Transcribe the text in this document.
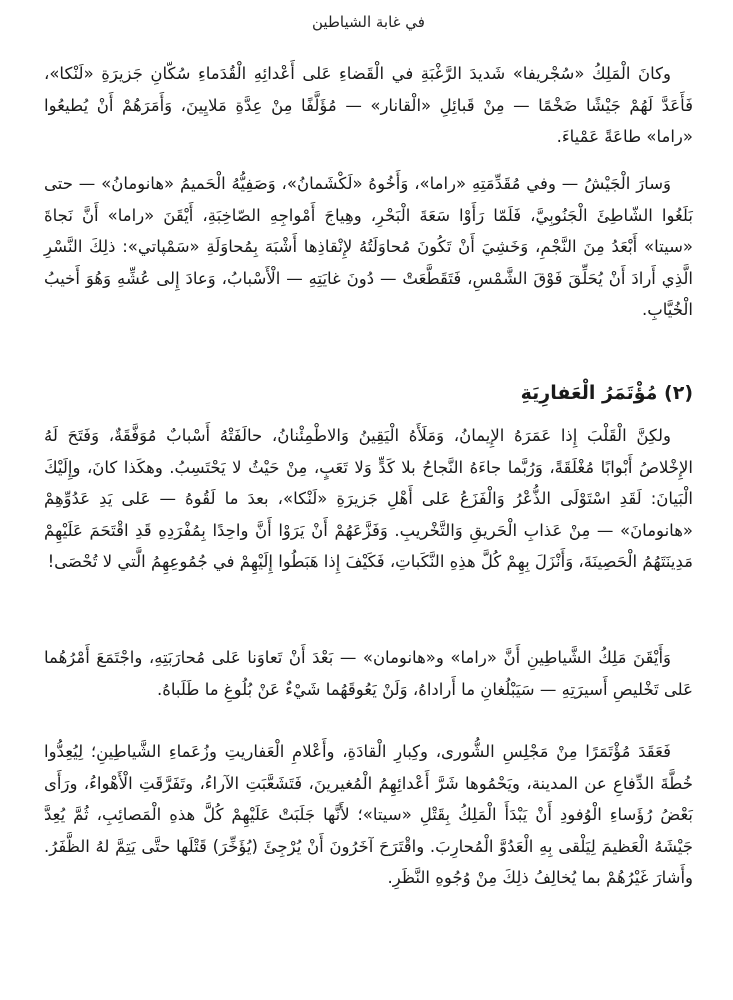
في غابة الشياطين

وكانَ الْمَلِكُ «سُجْريفا» شَديدَ الرَّغْبَةِ في الْقَضاءِ عَلى أَعْدائِهِ الْقُدَماءِ سُكّانِ جَزيرَةِ «لَنْكا»، فَأَعَدَّ لَهُمْ جَيْشًا ضَخْمًا — مِنْ قَبائِلِ «الْقانار» — مُؤَلَّفًا مِنْ عِدَّةِ مَلايِينَ، وَأَمَرَهُمْ أَنْ يُطيعُوا «راما» طاعَةً عَمْياءَ.

وَسارَ الْجَيْشُ — وفي مُقَدِّمَتِهِ «راما»، وَأَخُوهُ «لَكْشَمانُ»، وَصَفِيُّهُ الْحَميمُ «هانومانُ» — حتى بَلَغُوا الشّاطِئَ الْجَنُوبِيَّ، فَلَمّا رَأَوْا سَعَةَ الْبَحْرِ، وهِياجَ أَمْواجِهِ الصّاخِبَةِ، أَيْقَنَ «راما» أَنَّ نَجاةَ «سيتا» أَبْعَدُ مِنَ النَّجْمِ، وَخَشِيَ أَنْ تَكُونَ مُحاوَلَتُهُ لإِنْقاذِها أَشْبَهَ بِمُحاوَلَةِ «سَمْپاتي»: ذلِكَ النَّسْرِ الَّذِي أَرادَ أَنْ يُحَلِّقَ فَوْقَ الشَّمْسِ، فَتَقَطَّعَتْ — دُونَ غايَتِهِ — الْأَسْبابُ، وَعادَ إِلى عُشِّهِ وَهُوَ أَخيبُ الْخُيَّابِ.

(٢) مُؤْتَمَرُ الْعَفارِيَةِ

ولكِنَّ الْقَلْبَ إِذا عَمَرَهُ الإِيمانُ، وَمَلَأَهُ الْيَقِينُ وَالاطْمِئْنانُ، حالَفَتْهُ أَسْبابٌ مُوَفَّقَةٌ، وَفَتَحَ لَهُ الإِخْلاصُ أَبْوابًا مُغْلَقَةً، وَرُبَّما جاءَهُ النَّجاحُ بلا كَدٍّ وَلا تَعَبٍ، مِنْ حَيْثُ لا يَحْتَسِبُ. وهكَذا كانَ، وإِلَيْكَ الْبَيانَ: لَقَدِ اسْتَوْلَى الذُّعْرُ وَالْفَزَعُ عَلى أَهْلِ جَزيرَةِ «لَنْكا»، بعدَ ما لَقُوهُ — عَلى يَدِ عَدُوِّهِمْ «هانومانَ» — مِنْ عَذابِ الْحَريقِ وَالتَّخْريبِ. وَفَزَّعَهُمْ أَنْ يَرَوْا أَنَّ واحِدًا بِمُفْرَدِهِ قَدِ اقْتَحَمَ عَلَيْهِمْ مَدِينَتَهُمُ الْحَصِينَةَ، وَأَنْزَلَ بِهِمْ كُلَّ هذِهِ النَّكَباتِ، فَكَيْفَ إِذا هَبَطُوا إِلَيْهِمْ في جُمُوعِهِمُ الَّتي لا تُحْصَى!

وَأَيْقَنَ مَلِكُ الشَّياطِينِ أَنَّ «راما» و«هانومان» — بَعْدَ أَنْ تَعاوَنا عَلى مُحارَبَتِهِ، واجْتَمَعَ أَمْرُهُما عَلى تَخْليصِ أَسيرَتِهِ — سَيَبْلُغانِ ما أَراداهُ، وَلَنْ يَعُوقَهُما شَيْءٌ عَنْ بُلُوغِ ما طَلَباهُ.

فَعَقَدَ مُؤْتَمَرًا مِنْ مَجْلِسِ الشُّورى، وكِبارِ الْقادَةِ، وأَعْلامِ الْعَفاريتِ وزُعَماءِ الشَّياطِينِ؛ لِيُعِدُّوا خُطَّةَ الدِّفاعِ عن المدينة، ويَحْمُوها شَرَّ أَعْدائِهِمُ الْمُغيرينَ، فَتَشَعَّبَتِ الآراءُ، وتَفَرَّقَتِ الْأَهْواءُ، ورَأَى بَعْضُ رُؤَساءِ الْوُفودِ أَنْ يَبْدَأَ الْمَلِكُ بِقَتْلِ «سيتا»؛ لأَنَّها جَلَبَتْ عَلَيْهِمْ كُلَّ هذهِ الْمَصائِبِ، ثُمَّ يُعِدَّ جَيْشَهُ الْعَظيمَ لِيَلْقى بِهِ الْعَدُوَّ الْمُحارِبَ. واقْتَرَحَ آخَرُونَ أَنْ يُرْجِئَ (يُؤَخِّرَ) قَتْلَها حتَّى يَتِمَّ لهُ الظَّفَرُ. وأَشارَ غَيْرُهُمْ بما يُخالِفُ ذلِكَ مِنْ وُجُوهِ النَّظَرِ.
